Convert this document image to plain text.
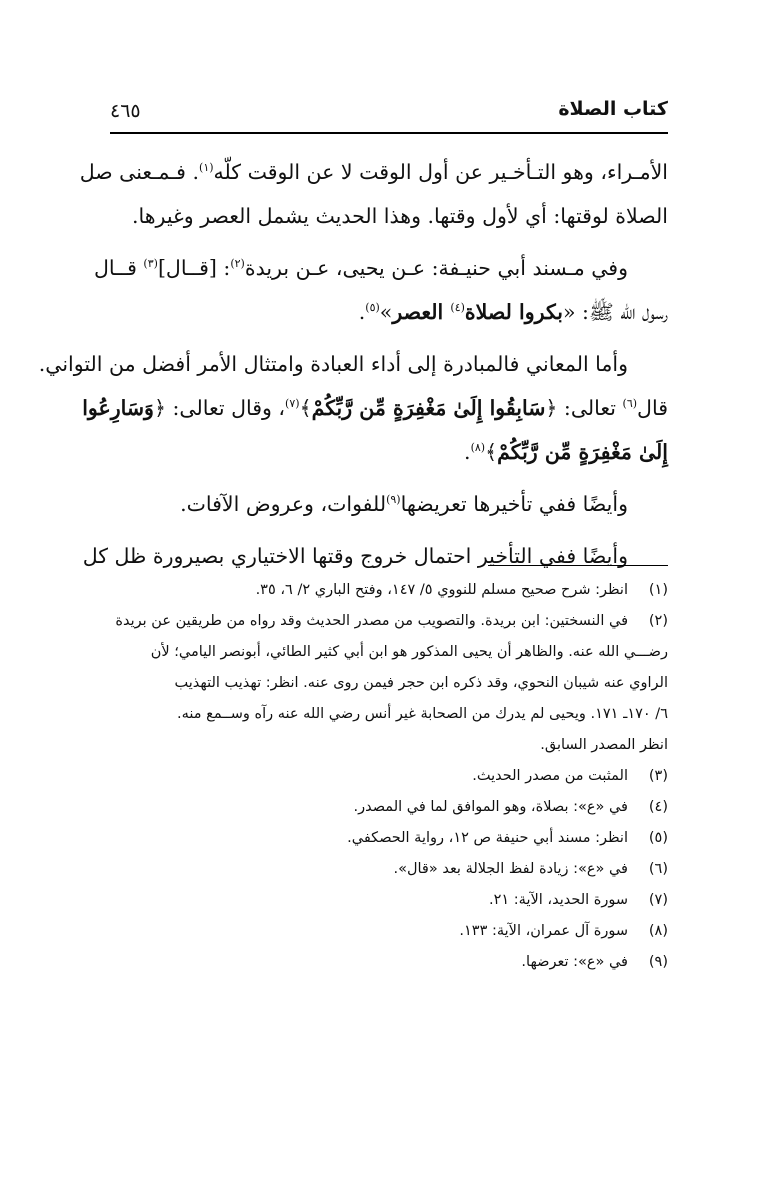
كتاب الصلاة
٤٦٥

الأمـراء، وهو التـأخـير عن أول الوقت لا عن الوقت كلّه$^{(١)}$. فـمـعنى صل
الصلاة لوقتها: أي لأول وقتها. وهذا الحديث يشمل العصر وغيرها.

وفي مـسند أبي حنيـفة: عـن يحيى، عـن بريدة$^{(٢)}$: [قــال]$^{(٣)}$ قــال
رسول الله ﷺ: «بكروا لصلاة$^{(٤)}$ العصر»$^{(٥)}$.

وأما المعاني فالمبادرة إلى أداء العبادة وامتثال الأمر أفضل من التواني.
قال$^{(٦)}$ تعالى: ﴿سَابِقُوا إِلَىٰ مَغْفِرَةٍ مِّن رَّبِّكُمْ﴾$^{(٧)}$، وقال تعالى: ﴿وَسَارِعُوا
إِلَىٰ مَغْفِرَةٍ مِّن رَّبِّكُمْ﴾$^{(٨)}$.

وأيضًا ففي تأخيرها تعريضها$^{(٩)}$للفوات، وعروض الآفات.

وأيضًا ففي التأخير احتمال خروج وقتها الاختياري بصيرورة ظل كل

(١)انظر: شرح صحيح مسلم للنووي ٥/ ١٤٧، وفتح الباري ٢/ ٦، ٣٥.
(٢)في النسختين: ابن بريدة. والتصويب من مصدر الحديث وقد رواه من طريقين عن بريدة
رضـــي الله عنه. والظاهر أن يحيى المذكور هو ابن أبي كثير الطائي، أبونصر اليامي؛ لأن
الراوي عنه شيبان النحوي، وقد ذكره ابن حجر فيمن روى عنه. انظر: تهذيب التهذيب
٦/ ١٧٠ـ ١٧١. ويحيى لم يدرك من الصحابة غير أنس رضي الله عنه رآه وســمع منه.
انظر المصدر السابق.
(٣)المثبت من مصدر الحديث.
(٤)في «ع»: بصلاة، وهو الموافق لما في المصدر.
(٥)انظر: مسند أبي حنيفة ص ١٢، رواية الحصكفي.
(٦)في «ع»: زيادة لفظ الجلالة بعد «قال».
(٧)سورة الحديد، الآية: ٢١.
(٨)سورة آل عمران، الآية: ١٣٣.
(٩)في «ع»: تعرضها.
